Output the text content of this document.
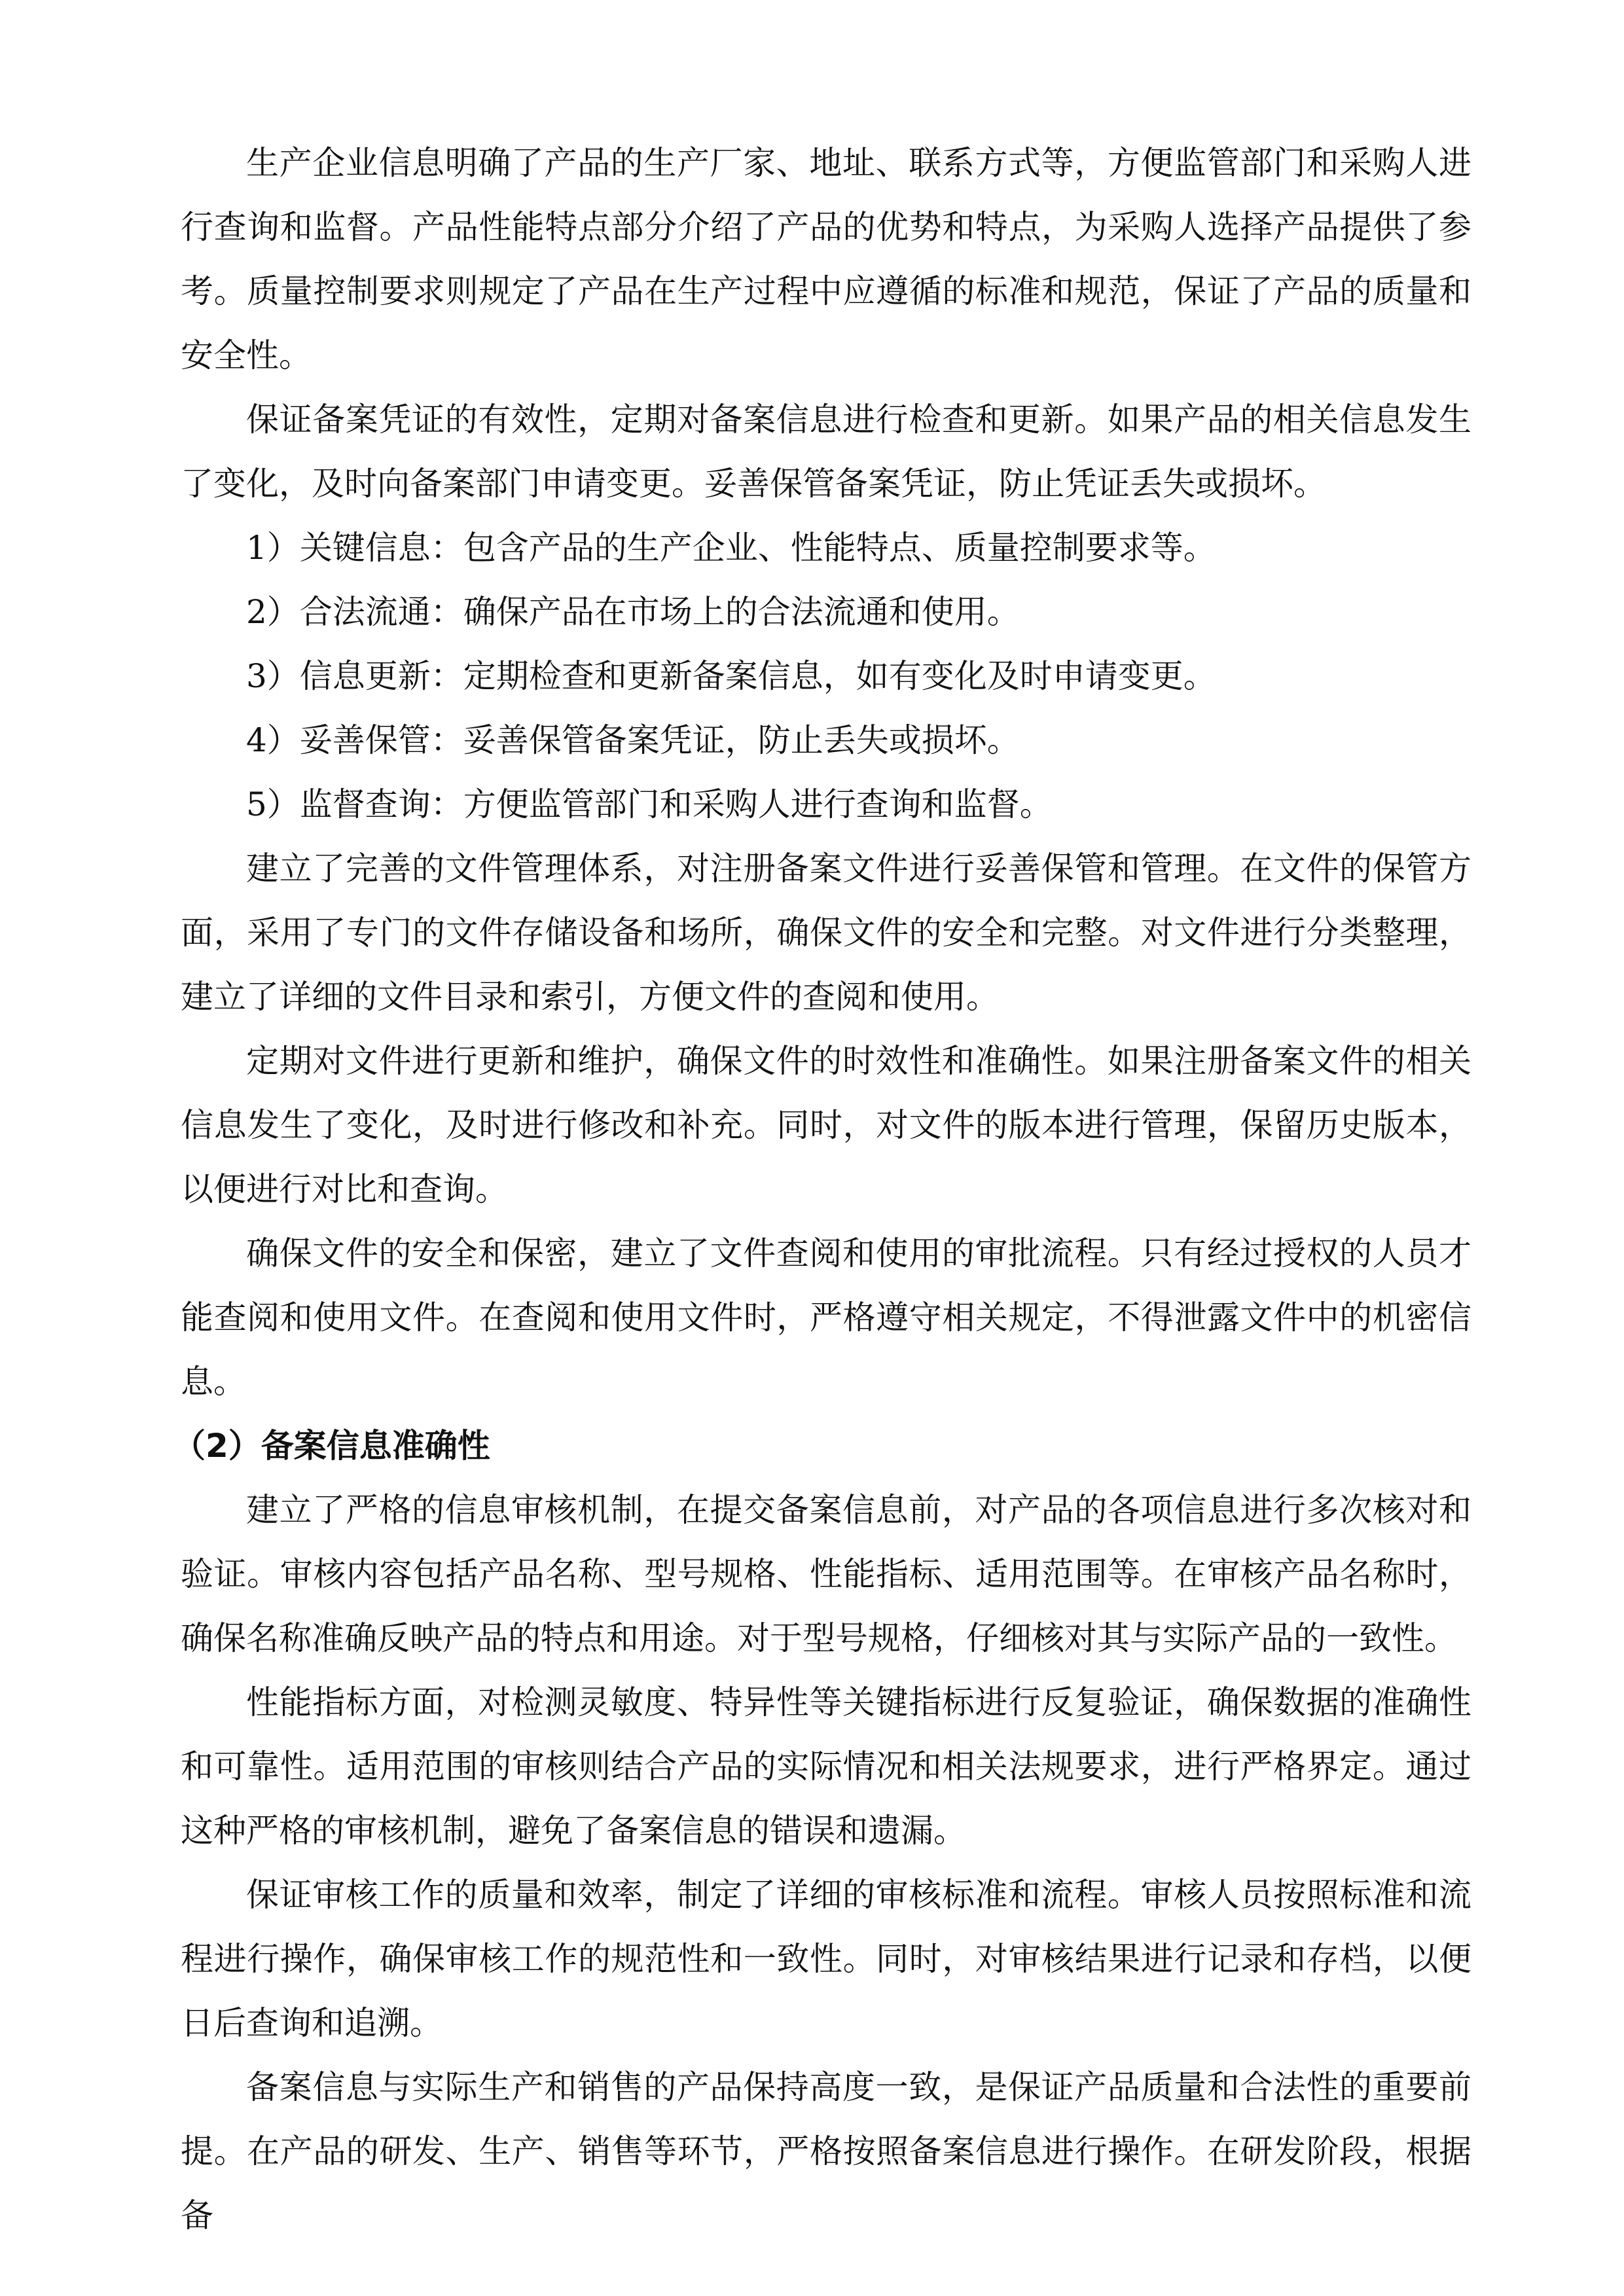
生产企业信息明确了产品的生产厂家、地址、联系方式等，方便监管部门和采购人进行查询和监督。产品性能特点部分介绍了产品的优势和特点，为采购人选择产品提供了参考。质量控制要求则规定了产品在生产过程中应遵循的标准和规范，保证了产品的质量和安全性。

保证备案凭证的有效性，定期对备案信息进行检查和更新。如果产品的相关信息发生了变化，及时向备案部门申请变更。妥善保管备案凭证，防止凭证丢失或损坏。

1）关键信息：包含产品的生产企业、性能特点、质量控制要求等。

2）合法流通：确保产品在市场上的合法流通和使用。

3）信息更新：定期检查和更新备案信息，如有变化及时申请变更。

4）妥善保管：妥善保管备案凭证，防止丢失或损坏。

5）监督查询：方便监管部门和采购人进行查询和监督。

建立了完善的文件管理体系，对注册备案文件进行妥善保管和管理。在文件的保管方面，采用了专门的文件存储设备和场所，确保文件的安全和完整。对文件进行分类整理，建立了详细的文件目录和索引，方便文件的查阅和使用。

定期对文件进行更新和维护，确保文件的时效性和准确性。如果注册备案文件的相关信息发生了变化，及时进行修改和补充。同时，对文件的版本进行管理，保留历史版本，以便进行对比和查询。

确保文件的安全和保密，建立了文件查阅和使用的审批流程。只有经过授权的人员才能查阅和使用文件。在查阅和使用文件时，严格遵守相关规定，不得泄露文件中的机密信息。

（2）备案信息准确性

建立了严格的信息审核机制，在提交备案信息前，对产品的各项信息进行多次核对和验证。审核内容包括产品名称、型号规格、性能指标、适用范围等。在审核产品名称时，确保名称准确反映产品的特点和用途。对于型号规格，仔细核对其与实际产品的一致性。

性能指标方面，对检测灵敏度、特异性等关键指标进行反复验证，确保数据的准确性和可靠性。适用范围的审核则结合产品的实际情况和相关法规要求，进行严格界定。通过这种严格的审核机制，避免了备案信息的错误和遗漏。

保证审核工作的质量和效率，制定了详细的审核标准和流程。审核人员按照标准和流程进行操作，确保审核工作的规范性和一致性。同时，对审核结果进行记录和存档，以便日后查询和追溯。

备案信息与实际生产和销售的产品保持高度一致，是保证产品质量和合法性的重要前提。在产品的研发、生产、销售等环节，严格按照备案信息进行操作。在研发阶段，根据备
